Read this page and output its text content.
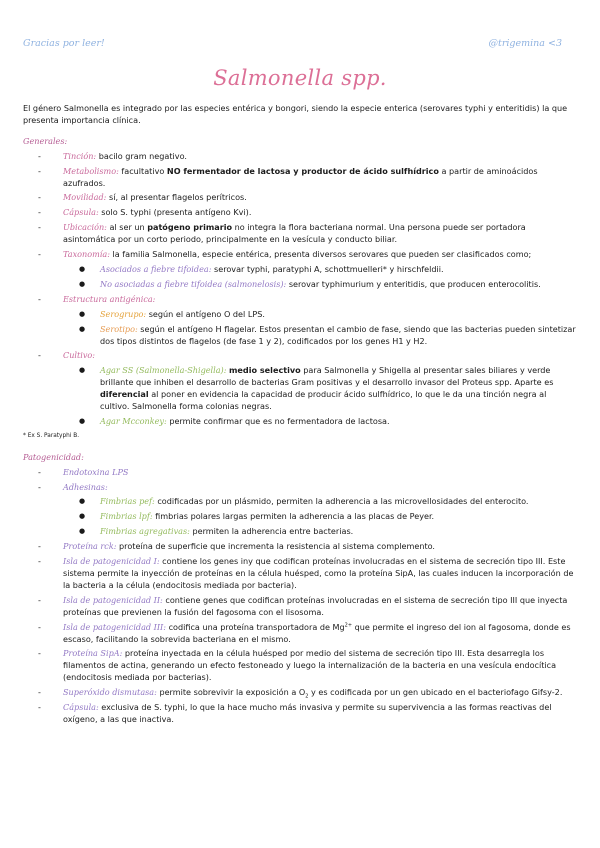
Gracias por leer!	@trigemina <3
Salmonella spp.

El género Salmonella es integrado por las especies entérica y bongori, siendo la especie enterica (serovares typhi y enteritidis) la que presenta importancia clínica.

Generales:
- Tinción: bacilo gram negativo.
- Metabolismo: facultativo NO fermentador de lactosa y productor de ácido sulfhídrico a partir de aminoácidos azufrados.
- Movilidad: sí, al presentar flagelos perítricos.
- Cápsula: solo S. typhi (presenta antígeno Kvi).
- Ubicación: al ser un patógeno primario no integra la flora bacteriana normal. Una persona puede ser portadora asintomática por un corto periodo, principalmente en la vesícula y conducto biliar.
- Taxonomía: la familia Salmonella, especie entérica, presenta diversos serovares que pueden ser clasificados como;
● Asociados a fiebre tifoidea: serovar typhi, paratyphi A, schottmuelleri* y hirschfeldii.
● No asociadas a fiebre tifoidea (salmonelosis): serovar typhimurium y enteritidis, que producen enterocolitis.
- Estructura antigénica:
● Serogrupo: según el antígeno O del LPS.
● Serotipo: según el antígeno H flagelar. Estos presentan el cambio de fase, siendo que las bacterias pueden sintetizar dos tipos distintos de flagelos (de fase 1 y 2), codificados por los genes H1 y H2.
- Cultivo:
● Agar SS (Salmonella-Shigella): medio selectivo para Salmonella y Shigella al presentar sales biliares y verde brillante que inhiben el desarrollo de bacterias Gram positivas y el desarrollo invasor del Proteus spp. Aparte es diferencial al poner en evidencia la capacidad de producir ácido sulfhídrico, lo que le da una tinción negra al cultivo. Salmonella forma colonias negras.
● Agar Mcconkey: permite confirmar que es no fermentadora de lactosa.
* Ex S. Paratyphi B.
Patogenicidad:
- Endotoxina LPS
- Adhesinas:
● Fimbrias pef: codificadas por un plásmido, permiten la adherencia a las microvellosidades del enterocito.
● Fimbrias lpf: fimbrias polares largas permiten la adherencia a las placas de Peyer.
● Fimbrias agregativas: permiten la adherencia entre bacterias.
- Proteína rck: proteína de superficie que incrementa la resistencia al sistema complemento.
- Isla de patogenicidad I: contiene los genes iny que codifican proteínas involucradas en el sistema de secreción tipo III. Este sistema permite la inyección de proteínas en la célula huésped, como la proteína SipA, las cuales inducen la incorporación de la bacteria a la célula (endocitosis mediada por bacteria).
- Isla de patogenicidad II: contiene genes que codifican proteínas involucradas en el sistema de secreción tipo III que inyecta proteínas que previenen la fusión del fagosoma con el lisosoma.
- Isla de patogenicidad III: codifica una proteína transportadora de $Mg^{2+}$ que permite el ingreso del ion al fagosoma, donde es escaso, facilitando la sobrevida bacteriana en el mismo.
- Proteína SipA: proteína inyectada en la célula huésped por medio del sistema de secreción tipo III. Esta desarregla los filamentos de actina, generando un efecto festoneado y luego la internalización de la bacteria en una vesícula endocítica (endocitosis mediada por bacterias).
- Superóxido dismutasa: permite sobrevivir la exposición a $O_2$ y es codificada por un gen ubicado en el bacteriofago Gifsy-2.
- Cápsula: exclusiva de S. typhi, lo que la hace mucho más invasiva y permite su supervivencia a las formas reactivas del oxígeno, a las que inactiva.
